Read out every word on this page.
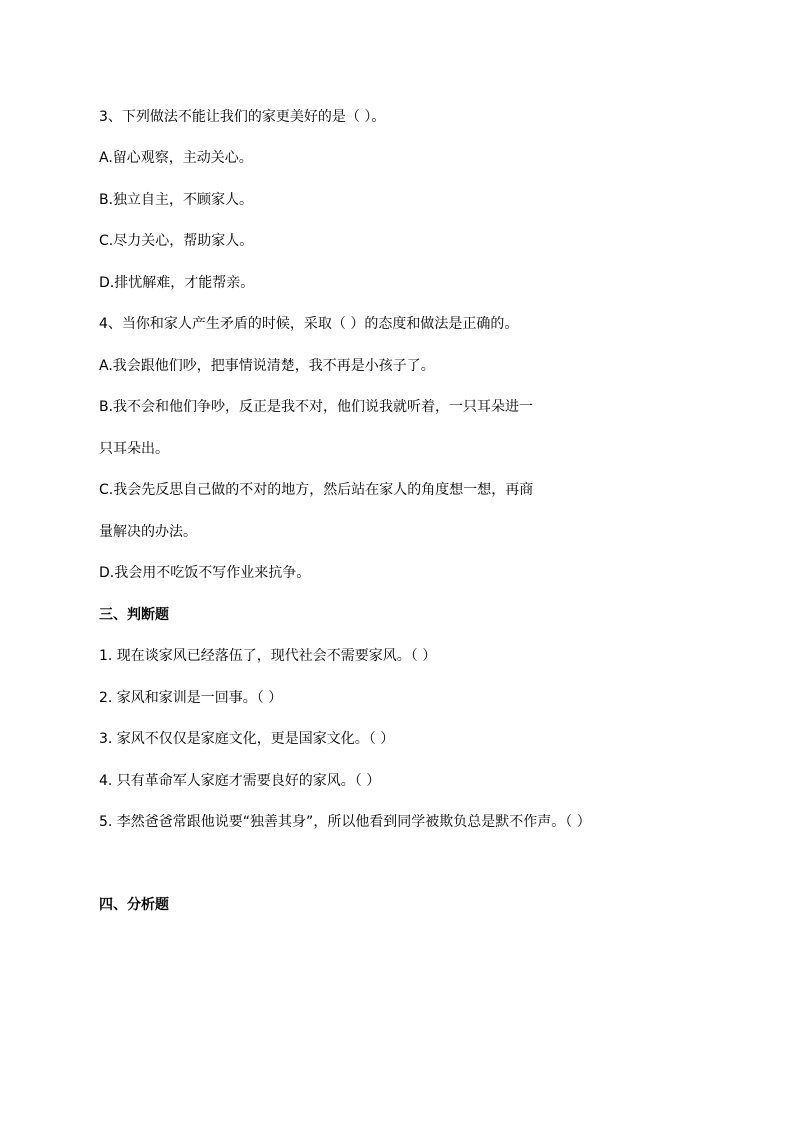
3、下列做法不能让我们的家更美好的是（ ）。
A.留心观察，主动关心。
B.独立自主，不顾家人。
C.尽力关心，帮助家人。
D.排忧解难，才能帮亲。
4、当你和家人产生矛盾的时候，采取（ ）的态度和做法是正确的。
A.我会跟他们吵，把事情说清楚，我不再是小孩子了。
B.我不会和他们争吵，反正是我不对，他们说我就听着，一只耳朵进一
只耳朵出。
C.我会先反思自己做的不对的地方，然后站在家人的角度想一想，再商
量解决的办法。
D.我会用不吃饭不写作业来抗争。
三、判断题
1. 现在谈家风已经落伍了，现代社会不需要家风。（ ）
2. 家风和家训是一回事。（ ）
3. 家风不仅仅是家庭文化，更是国家文化。（ ）
4. 只有革命军人家庭才需要良好的家风。（ ）
5. 李然爸爸常跟他说要“独善其身”，所以他看到同学被欺负总是默不作声。（ ）
四、分析题
